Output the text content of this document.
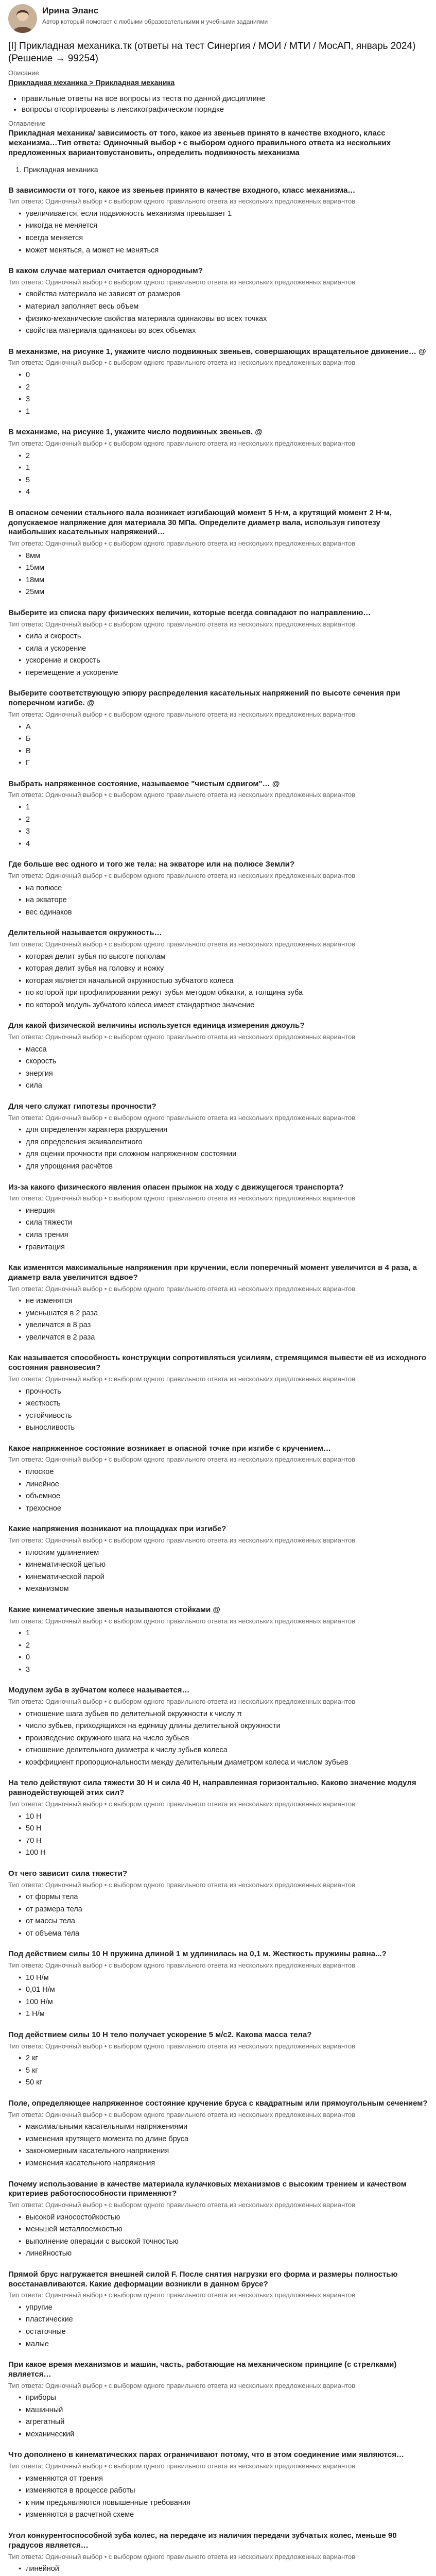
Ирина Эланс
Автор который помогает с любыми образовательными и учебными заданиями
[I] Прикладная механика.тк (ответы на тест Синергия / МОИ / МТИ / МосАП, январь 2024) (Решение → 99254)
Описание
Прикладная механика > Прикладная механика
• правильные ответы на все вопросы из теста по данной дисциплине
• вопросы отсортированы в лексикографическом порядке
Оглавление
Прикладная механика/ зависимость от того, какое из звеньев принято в качестве входного, класс механизма…Тип ответа: Одиночный выбор • с выбором одного правильного ответа из нескольких предложенных вариантовустановить, определить подвижность механизма
1. Прикладная механика
В зависимости от того, какое из звеньев принято в качестве входного, класс механизма…
Тип ответа: Одиночный выбор • с выбором одного правильного ответа из нескольких предложенных вариантов
● увеличивается, если подвижность механизма превышает 1
● никогда не меняется
● всегда меняется
● может меняться, а может не меняться
В каком случае материал считается однородным?
Тип ответа: Одиночный выбор • с выбором одного правильного ответа из нескольких предложенных вариантов
● свойства материала не зависят от размеров
● материал заполняет весь объем
● физико-механические свойства материала одинаковы во всех точках
● свойства материала одинаковы во всех объемах
В механизме, на рисунке 1, укажите число подвижных звеньев, совершающих вращательное движение… @
Тип ответа: Одиночный выбор • с выбором одного правильного ответа из нескольких предложенных вариантов
● 0
● 2
● 3
● 1
В механизме, на рисунке 1, укажите число подвижных звеньев. @
Тип ответа: Одиночный выбор • с выбором одного правильного ответа из нескольких предложенных вариантов
● 2
● 1
● 5
● 4
В опасном сечении стального вала возникает изгибающий момент 5 Н·м, а крутящий момент 2 Н·м, допускаемое напряжение для материала 30 МПа. Определите диаметр вала, используя гипотезу наибольших касательных напряжений…
Тип ответа: Одиночный выбор • с выбором одного правильного ответа из нескольких предложенных вариантов
● 8мм
● 15мм
● 18мм
● 25мм
Выберите из списка пару физических величин, которые всегда совпадают по направлению…
Тип ответа: Одиночный выбор • с выбором одного правильного ответа из нескольких предложенных вариантов
● сила и скорость
● сила и ускорение
● ускорение и скорость
● перемещение и ускорение
Выберите соответствующую эпюру распределения касательных напряжений по высоте сечения при поперечном изгибе. @
Тип ответа: Одиночный выбор • с выбором одного правильного ответа из нескольких предложенных вариантов
● A
● Б
● В
● Г
Выбрать напряженное состояние, называемое "чистым сдвигом"… @
Тип ответа: Одиночный выбор • с выбором одного правильного ответа из нескольких предложенных вариантов
● 1
● 2
● 3
● 4
Где больше вес одного и того же тела: на экваторе или на полюсе Земли?
Тип ответа: Одиночный выбор • с выбором одного правильного ответа из нескольких предложенных вариантов
● на полюсе
● на экваторе
● вес одинаков
Делительной называется окружность…
Тип ответа: Одиночный выбор • с выбором одного правильного ответа из нескольких предложенных вариантов
● которая делит зубья по высоте пополам
● которая делит зубья на головку и ножку
● которая является начальной окружностью зубчатого колеса
● по которой при профилировании режут зубья методом обкатки, а толщина зуба
● по которой модуль зубчатого колеса имеет стандартное значение
Для какой физической величины используется единица измерения джоуль?
Тип ответа: Одиночный выбор • с выбором одного правильного ответа из нескольких предложенных вариантов
● масса
● скорость
● энергия
● сила
Для чего служат гипотезы прочности?
Тип ответа: Одиночный выбор • с выбором одного правильного ответа из нескольких предложенных вариантов
● для определения характера разрушения
● для определения эквивалентного
● для оценки прочности при сложном напряженном состоянии
● для упрощения расчётов
Из-за какого физического явления опасен прыжок на ходу с движущегося транспорта?
Тип ответа: Одиночный выбор • с выбором одного правильного ответа из нескольких предложенных вариантов
● инерция
● сила тяжести
● сила трения
● гравитация
Как изменятся максимальные напряжения при кручении, если поперечный момент увеличится в 4 раза, а диаметр вала увеличится вдвое?
Тип ответа: Одиночный выбор • с выбором одного правильного ответа из нескольких предложенных вариантов
● не изменятся
● уменьшатся в 2 раза
● увеличатся в 8 раз
● увеличатся в 2 раза
Как называется способность конструкции сопротивляться усилиям, стремящимся вывести её из исходного состояния равновесия?
Тип ответа: Одиночный выбор • с выбором одного правильного ответа из нескольких предложенных вариантов
● прочность
● жесткость
● устойчивость
● выносливость
Какое напряженное состояние возникает в опасной точке при изгибе с кручением…
Тип ответа: Одиночный выбор • с выбором одного правильного ответа из нескольких предложенных вариантов
● плоское
● линейное
● объемное
● трехосное
Какие напряжения возникают на площадках при изгибе?
Тип ответа: Одиночный выбор • с выбором одного правильного ответа из нескольких предложенных вариантов
● плоским удлинением
● кинематической цепью
● кинематической парой
● механизмом
Какие кинематические звенья называются стойками @
Тип ответа: Одиночный выбор • с выбором одного правильного ответа из нескольких предложенных вариантов
● 1
● 2
● 0
● 3
Модулем зуба в зубчатом колесе называется…
Тип ответа: Одиночный выбор • с выбором одного правильного ответа из нескольких предложенных вариантов
● отношение шага зубьев по делительной окружности к числу π
● число зубьев, приходящихся на единицу длины делительной окружности
● произведение окружного шага на число зубьев
● отношение делительного диаметра к числу зубьев колеса
● коэффициент пропорциональности между делительным диаметром колеса и числом зубьев
На тело действуют сила тяжести 30 Н и сила 40 Н, направленная горизонтально. Каково значение модуля равнодействующей этих сил?
Тип ответа: Одиночный выбор • с выбором одного правильного ответа из нескольких предложенных вариантов
● 10 Н
● 50 Н
● 70 Н
● 100 Н
От чего зависит сила тяжести?
Тип ответа: Одиночный выбор • с выбором одного правильного ответа из нескольких предложенных вариантов
● от формы тела
● от размера тела
● от массы тела
● от объема тела
Под действием силы 10 Н пружина длиной 1 м удлинилась на 0,1 м. Жесткость пружины равна...?
Тип ответа: Одиночный выбор • с выбором одного правильного ответа из нескольких предложенных вариантов
● 10 Н/м
● 0,01 Н/м
● 100 Н/м
● 1 Н/м
Под действием силы 10 Н тело получает ускорение 5 м/с2. Какова масса тела?
Тип ответа: Одиночный выбор • с выбором одного правильного ответа из нескольких предложенных вариантов
● 2 кг
● 5 кг
● 50 кг
Поле, определяющее напряженное состояние кручение бруса с квадратным или прямоугольным сечением?
Тип ответа: Одиночный выбор • с выбором одного правильного ответа из нескольких предложенных вариантов
● максимальными касательными напряжениями
● изменения крутящего момента по длине бруса
● закономерным касательного напряжения
● изменения касательного напряжения
Почему использование в качестве материала кулачковых механизмов с высоким трением и качеством критериев работоспособности применяют?
Тип ответа: Одиночный выбор • с выбором одного правильного ответа из нескольких предложенных вариантов
● высокой износостойкостью
● меньшей металлоемкостью
● выполнение операции с высокой точностью
● линейностью
Прямой брус нагружается внешней силой F. После снятия нагрузки его форма и размеры полностью восстанавливаются. Какие деформации возникли в данном брусе?
Тип ответа: Одиночный выбор • с выбором одного правильного ответа из нескольких предложенных вариантов
● упругие
● пластические
● остаточные
● малые
При какое время механизмов и машин, часть, работающие на механическом принципе (с стрелками) является…
Тип ответа: Одиночный выбор • с выбором одного правильного ответа из нескольких предложенных вариантов
● приборы
● машинный
● агрегатный
● механический
Что дополнено в кинематических парах ограничивают потому, что в этом соединение ими являются…
Тип ответа: Одиночный выбор • с выбором одного правильного ответа из нескольких предложенных вариантов
● изменяются от трения
● изменяются в процессе работы
● к ним предъявляются повышенные требования
● изменяются в расчетной схеме
Угол конкурентоспособной зуба колес, на передаче из наличия передачи зубчатых колес, меньше 90 градусов является…
Тип ответа: Одиночный выбор • с выбором одного правильного ответа из нескольких предложенных вариантов
● линейной
